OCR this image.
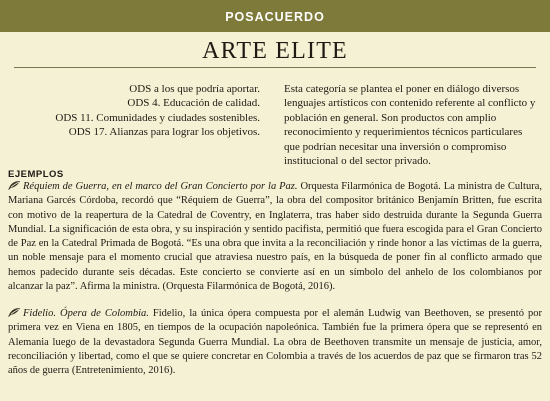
POSACUERDO
ARTE ELITE
ODS a los que podría aportar.
ODS 4. Educación de calidad.
ODS 11. Comunidades y ciudades sostenibles.
ODS 17. Alianzas para lograr los objetivos.
Esta categoría se plantea el poner en diálogo diversos lenguajes artísticos con contenido referente al conflicto y población en general. Son productos con amplio reconocimiento y requerimientos técnicos particulares que podrían necesitar una inversión o compromiso institucional o del sector privado.
EJEMPLOS
Réquiem de Guerra, en el marco del Gran Concierto por la Paz. Orquesta Filarmónica de Bogotá. La ministra de Cultura, Mariana Garcés Córdoba, recordó que “Réquiem de Guerra”, la obra del compositor británico Benjamín Britten, fue escrita con motivo de la reapertura de la Catedral de Coventry, en Inglaterra, tras haber sido destruida durante la Segunda Guerra Mundial. La significación de esta obra, y su inspiración y sentido pacifista, permitió que fuera escogida para el Gran Concierto de Paz en la Catedral Primada de Bogotá. “Es una obra que invita a la reconciliación y rinde honor a las víctimas de la guerra, un noble mensaje para el momento crucial que atraviesa nuestro país, en la búsqueda de poner fin al conflicto armado que hemos padecido durante seis décadas. Este concierto se convierte así en un símbolo del anhelo de los colombianos por alcanzar la paz”. Afirma la ministra. (Orquesta Filarmónica de Bogotá, 2016).
Fidelio. Ópera de Colombia. Fidelio, la única ópera compuesta por el alemán Ludwig van Beethoven, se presentó por primera vez en Viena en 1805, en tiempos de la ocupación napoleónica. También fue la primera ópera que se representó en Alemania luego de la devastadora Segunda Guerra Mundial. La obra de Beethoven transmite un mensaje de justicia, amor, reconciliación y libertad, como el que se quiere concretar en Colombia a través de los acuerdos de paz que se firmaron tras 52 años de guerra (Entretenimiento, 2016).
